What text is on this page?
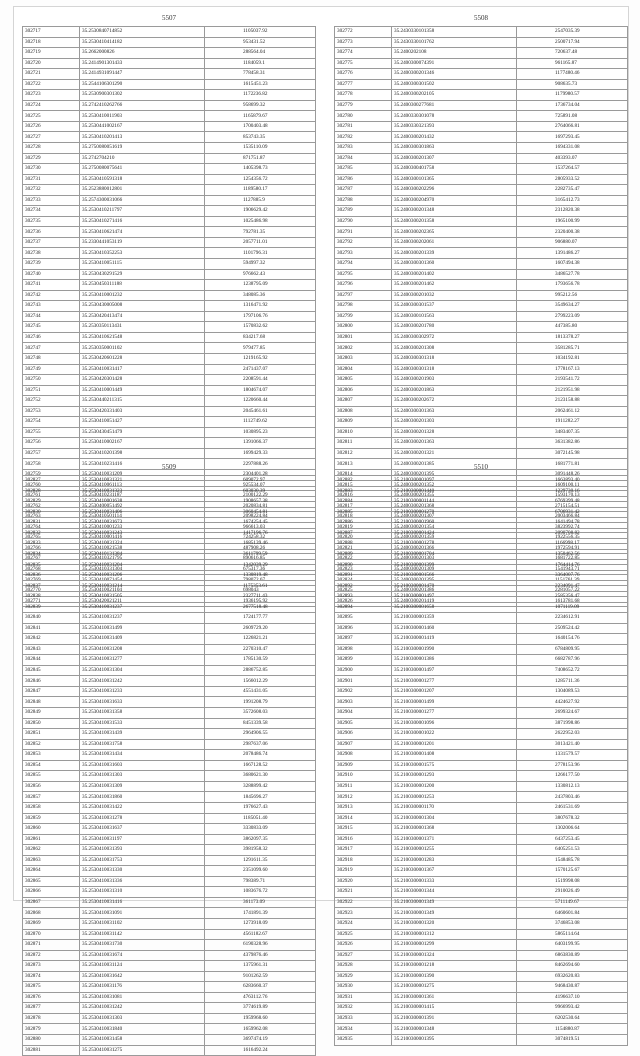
5507
302717	35.2530840714852	1105037.92
302718	35.2530410414182	953431.52
302719	35.2662000826	288564.04
302720	35.2414901301433	1184059.1
302721	35.2414931091447	778458.31
302722	35.2544106301290	1615451.23
302723	35.2530900301302	1172236.82
302724	35.2742410262766	958699.32
302725	35.2530410011903	1165879.67
302726	35.2530441002167	1700403.48
302727	35.2530410201413	853743.35
302728	35.2750080051619	1535110.09
302729	35.2742704210	871751.87
302730	35.2750080075641	1405398.73
302731	35.2530410591318	1254356.72
302732	35.2523880012801	1189580.17
302733	35.2574300031066	1127885.9
302734	35.2530410211797	1906629.42
302735	35.2530410271416	1025486.98
302736	35.2530410621474	792781.35
302737	35.2330441053119	2057711.01
302738	35.2530410352253	1101796.31
302739	35.2530410051115	594997.32
302740	35.2530430291529	976662.43
302741	35.2530450311188	1238795.09
302742	35.2530410001232	348085.36
302743	35.2530430005008	1316471.92
302744	35.2530420413474	1797106.76
302745	35.2530350113431	1570832.62
302746	35.2530410621548	834217.68
302747	35.2530350001102	979477.85
302748	35.2530420601228	1219165.92
302749	35.2530410031417	2471437.07
302750	35.2530420301428	2208591.44
302751	35.2530410001449	1804674.07
302752	35.2530440211315	1220660.44
302753	35.2530420331403	2045461.61
302754	35.2530410051427	1112749.62
302755	35.2530430451479	1030895.23
302756	35.2530410002167	1391066.37
302757	35.2530410201398	1699429.33
302758	35.2530410231416	2297888.26
302759	35.2530410031209	2304401.28
302760	35.2530410061113	925534.07
302761	35.2530410231187	2100122.29
302762	35.2530400051492	2020834.81
302763	35.2530410501114	2098224.84
302764	35.2530410001233	966613.03
302765	35.2530410001416	724258.32
302766	35.2530410021538	487908.26
302767	35.2530410321795	890616.85
302768	35.2530410331304	675317.36
302769	35.2530410071454	798072.67
302770	35.2530410021104	698043
302771	35.2530420021211	1936195.92
5508
302772	35.2430330101358	2547035.39
302773	35.2430330101762	2500717.94
302774	35.2400202108	720637.48
302775	35.2400300074391	961165.87
302776	35.2400300201346	1177480.46
302777	35.2400300301502	908635.73
302778	35.2400300202105	1179980.57
302779	35.2400300277681	1736734.04
302780	35.2400330301078	725891.08
302781	35.2400330321393	2764066.81
302782	35.2400300201432	1697293.45
302783	35.2400300301863	1694331.08
302784	35.2400300201307	403393.07
302785	35.2400300401758	1537264.57
302786	35.2400300101365	2805933.52
302787	35.2400300202296	2282735.47
302788	35.2400300204970	3165412.73
302789	35.2400300201348	2312820.38
302790	35.2400300201358	1965100.99
302791	35.2400300202365	2320400.38
302792	35.2400300202061	906880.07
302793	35.2400300201339	1391486.27
302794	35.2400300301360	1607494.38
302795	35.2400300201402	3486527.78
302796	35.2400300201462	1793656.78
302797	35.2400300201032	995212.56
302798	35.2400300301537	3549634.27
302799	35.2400300101563	2799223.09
302800	35.2400300201780	447385.80
302801	35.2400300302972	1813378.27
302802	35.2400300201308	3581285.71
302803	35.2400300301318	1034192.81
302804	35.2400300301318	1778167.13
302805	35.2400300201903	2193541.72
302806	35.2400300201863	2121951.98
302807	35.2400300202672	2123158.88
302808	35.2400300301363	2062461.12
302809	35.2400300201303	1911282.27
302810	35.2400300201328	3483407.35
302811	35.2400300201363	3631382.86
302812	35.2400300201321	3072145.98
302813	35.2400300201385	1681771.81
302814	35.2400300201395	3091448.26
302815	35.2400300201352	1609100.11
302816	35.2400300201355	1593170.13
302817	35.2400300201368	2715154.51
302818	35.2400300201307	2003466.84
302819	35.2400300201354	3823992.74
302820	35.2400300201359	1922556.35
302821	35.2400300201366	1972594.91
302822	35.2400300201303	1681722.85
302823	35.2400300201309	1541943.71
302824	35.2400300201395	1151761.39
302825	35.2400300201386	2281057.22
302826	35.2400300201419	1613781.68
5509
302827	35.2530410031321	609072.97
302828	35.2530410031323	603030.39
302829	35.2530410001638	1908657.38
302830	35.2530410031406	3060454.81
302831	35.2530410031673	1674254.45
302832	35.2530410031243	1417196.76
302833	35.2530410031324	1685139.46
302834	35.2530410131384	3611799.59
302835	35.2530410031204	1342039.29
302836	35.2530410031206	1330819.48
302837	35.2530410031214	1175353.61
302838	35.2530410031505	2327711.43
302839	35.2530410031237	2677518.48
302840	35.2530410031237	1724177.77
302841	35.2530410031499	2609729.20
302842	35.2530410031409	1226821.21
302843	35.2530410031208	2270310.47
302844	35.2530410031277	1785130.59
302845	35.2530410031304	2886752.85
302846	35.2530410031242	1566012.29
302847	35.2530410031233	4551431.05
302848	35.2530410031633	1991208.79
302849	35.2530410031358	3572608.03
302850	35.2530410031533	8451339.58
302851	35.2530410031439	2964906.55
302852	35.2530410031758	2987637.06
302853	35.2530410031434	2078486.74
302854	35.2530410031603	1667128.52
302855	35.2530410031303	3680621.30
302856	35.2530410031309	3288899.42
302857	35.2530410031860	1845696.27
302858	35.2530410031422	1976627.43
302859	35.2530410031278	1185051.40
302860	35.2530410031637	3330833.09
302861	35.2530410031197	3862097.35
302862	35.2530410031393	3981958.32
302863	35.2530410031753	1291611.35
302864	35.2530410031330	2351099.60
302865	35.2530410031336	798389.71
302866	35.2530410031310	1083676.72
302867	35.2530410031416	361173.09
302868	35.2530410031091	1741891.39
302869	35.2530410031102	1273918.09
302870	35.2530410031142	4561182.67
302871	35.2530410031730	6190328.96
302872	35.2530410031674	4379876.46
302873	35.2530410031124	1375961.31
302874	35.2530410031642	9101262.59
302875	35.2530410031176	6283660.37
302876	35.2530410031081	4763112.76
302877	35.2530410031242	3774619.89
302878	35.2530410031303	1959968.60
302879	35.2530410031840	1659962.08
302880	35.2530410031458	3697474.19
302881	35.2530410031275	1616492.24
5510
302882	35.2100300001097	1663893.40
302883	35.2100300001440	1229730.16
302884	35.2100300001144	6769399.48
302885	35.2100300001270	6706931.42
302886	35.2100300001960	1641494.78
302887	35.2100300001424	2090708.82
302888	35.2100300001278	1166998.17
302889	35.2100300001704	1350462.56
302890	35.2100300001399	1764414.76
302891	35.2100300001566	3364007.76
302892	35.2100300001470	2234091.47
302893	35.2100300001497	2585356.47
302894	35.2100300001658	1071119.09
302895	35.2100300001359	2234612.91
302896	35.2100300001460	2509524.42
302897	35.2100300001419	1640154.76
302898	35.2100300001990	6784809.95
302899	35.2100300001386	6682787.96
302900	35.2100300001497	7408652.72
302901	35.2100300001277	1285711.36
302902	35.2100300001207	1304089.53
302903	35.2100300001499	4424627.92
302904	35.2100300001277	2699324.67
302905	35.2100300001096	3871998.86
302906	35.2100300001022	2622952.03
302907	35.2100300001201	3013421.40
302908	35.2100300001408	1331579.57
302909	35.2100300001575	2778153.96
302910	35.2100300001293	1266177.50
302911	35.2100300001200	1330812.13
302912	35.2100300001253	2437803.46
302913	35.2100300001170	2461531.69
302914	35.2100300001304	3807678.32
302915	35.2100300001368	1302006.64
302916	35.2100300001371	6437253.45
302917	35.2100300001255	6405251.53
302918	35.2100300001283	1548485.78
302919	35.2100300001367	1570125.67
302920	35.2100300001333	1519998.08
302921	35.2100300001344	2910026.49
302922	35.2100300001349	5711149.67
302923	35.2100300001349	6460601.84
302924	35.2100300001320	3746853.08
302925	35.2100300001312	5865114.64
302926	35.2100300001299	6403199.95
302927	35.2100300001324	6863830.89
302928	35.2100300001218	8462694.60
302929	35.2100300001390	6932620.83
302930	35.2100300001275	9468430.87
302931	35.2100300001361	4196637.10
302932	35.2100300001415	9966993.42
302933	35.2100300001391	6202530.64
302934	35.2100300001348	1154880.87
302935	35.2100300001395	3074819.51
